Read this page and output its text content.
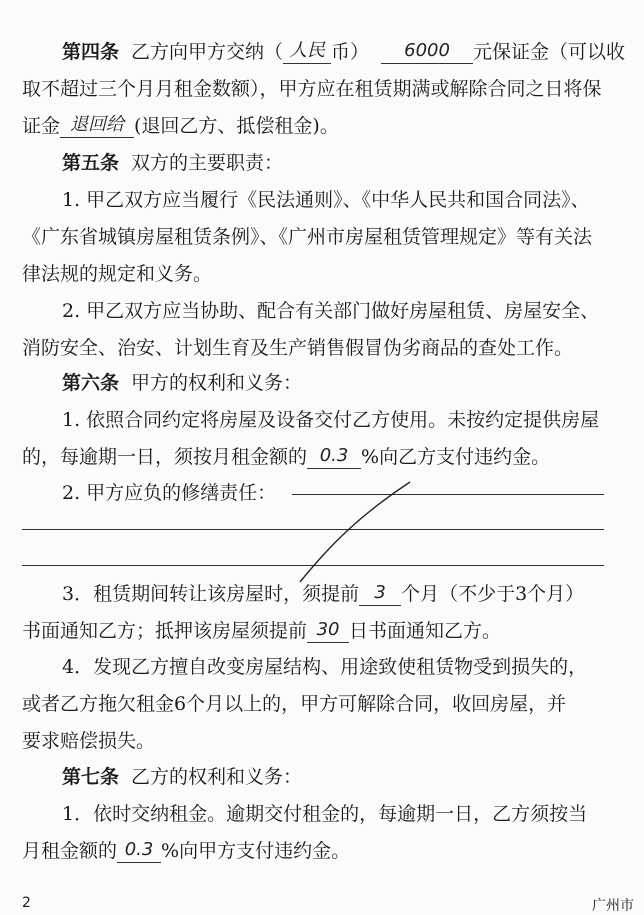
第四条 乙方向甲方交纳（ 人民 币） 6000 元保证金（可以收
取不超过三个月月租金数额），甲方应在租赁期满或解除合同之日将保
证金 退回给 (退回乙方、抵偿租金)。
第五条 双方的主要职责：
1. 甲乙双方应当履行《民法通则》、《中华人民共和国合同法》、
《广东省城镇房屋租赁条例》、《广州市房屋租赁管理规定》等有关法
律法规的规定和义务。
2. 甲乙双方应当协助、配合有关部门做好房屋租赁、房屋安全、
消防安全、治安、计划生育及生产销售假冒伪劣商品的查处工作。
第六条 甲方的权利和义务：
1. 依照合同约定将房屋及设备交付乙方使用。未按约定提供房屋
的，每逾期一日，须按月租金额的 0.3 %向乙方支付违约金。
2. 甲方应负的修缮责任：
3．租赁期间转让该房屋时，须提前 3 个月（不少于3个月）
书面通知乙方；抵押该房屋须提前 30 日书面通知乙方。
4．发现乙方擅自改变房屋结构、用途致使租赁物受到损失的，
或者乙方拖欠租金6个月以上的，甲方可解除合同，收回房屋，并
要求赔偿损失。
第七条 乙方的权利和义务：
1．依时交纳租金。逾期交付租金的，每逾期一日，乙方须按当
月租金额的 0.3 %向甲方支付违约金。
2	广州市
